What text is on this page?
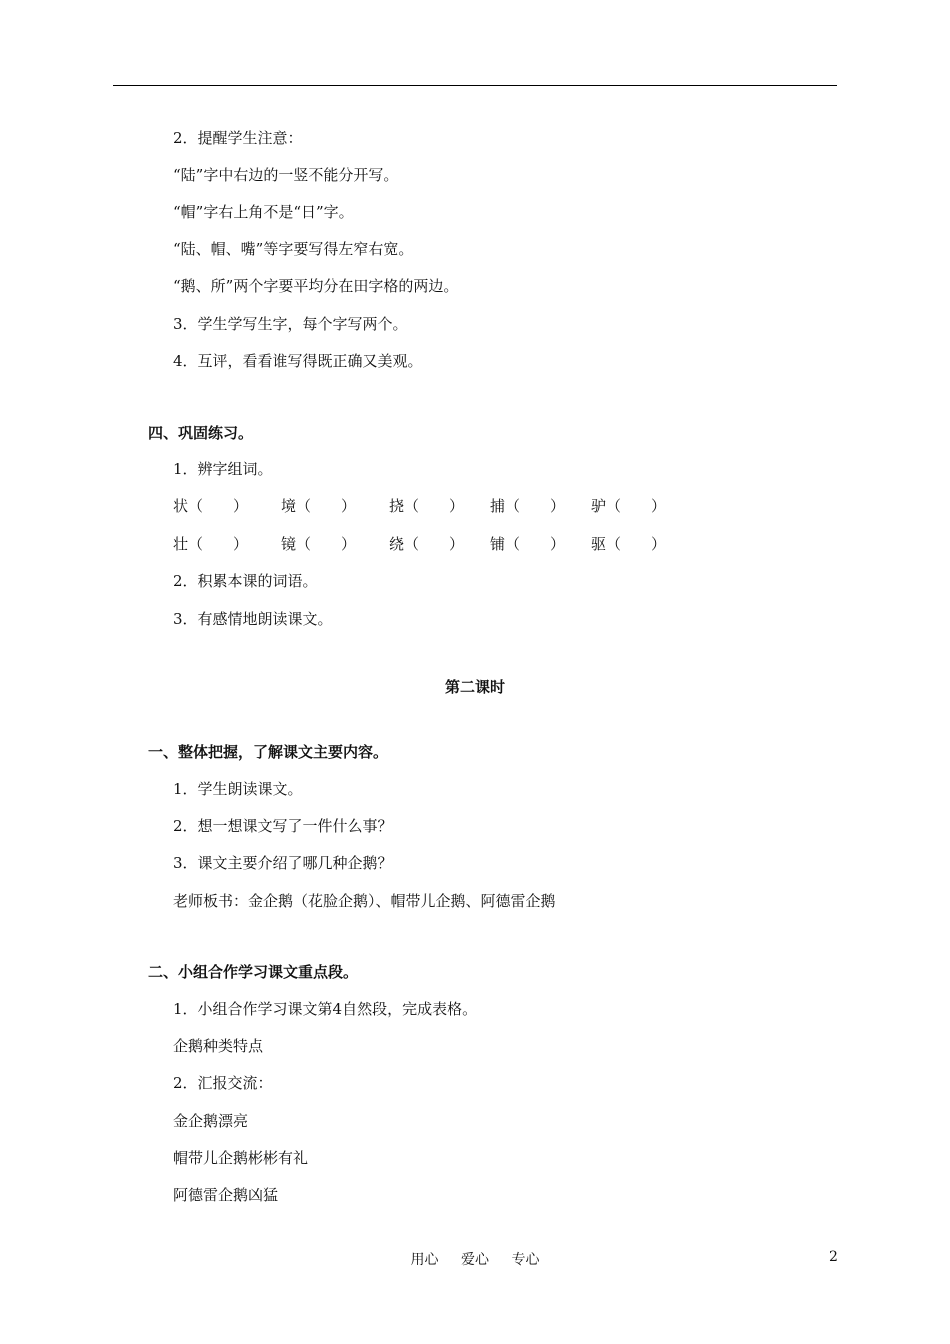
2．提醒学生注意：
“陆”字中右边的一竖不能分开写。
“帽”字右上角不是“日”字。
“陆、帽、嘴”等字要写得左窄右宽。
“鹅、所”两个字要平均分在田字格的两边。
3．学生学写生字，每个字写两个。
4．互评，看看谁写得既正确又美观。
四、巩固练习。
1．辨字组词。
状（　　） 境（　　） 挠（　　） 捕（　　） 驴（　　）
壮（　　） 镜（　　） 绕（　　） 铺（　　） 驱（　　）
2．积累本课的词语。
3．有感情地朗读课文。
第二课时
一、整体把握，了解课文主要内容。
1．学生朗读课文。
2．想一想课文写了一件什么事？
3．课文主要介绍了哪几种企鹅？
老师板书：金企鹅（花脸企鹅）、帽带儿企鹅、阿德雷企鹅
二、小组合作学习课文重点段。
1．小组合作学习课文第4自然段，完成表格。
企鹅种类特点
2．汇报交流：
金企鹅漂亮
帽带儿企鹅彬彬有礼
阿德雷企鹅凶猛
用心 爱心 专心	2
